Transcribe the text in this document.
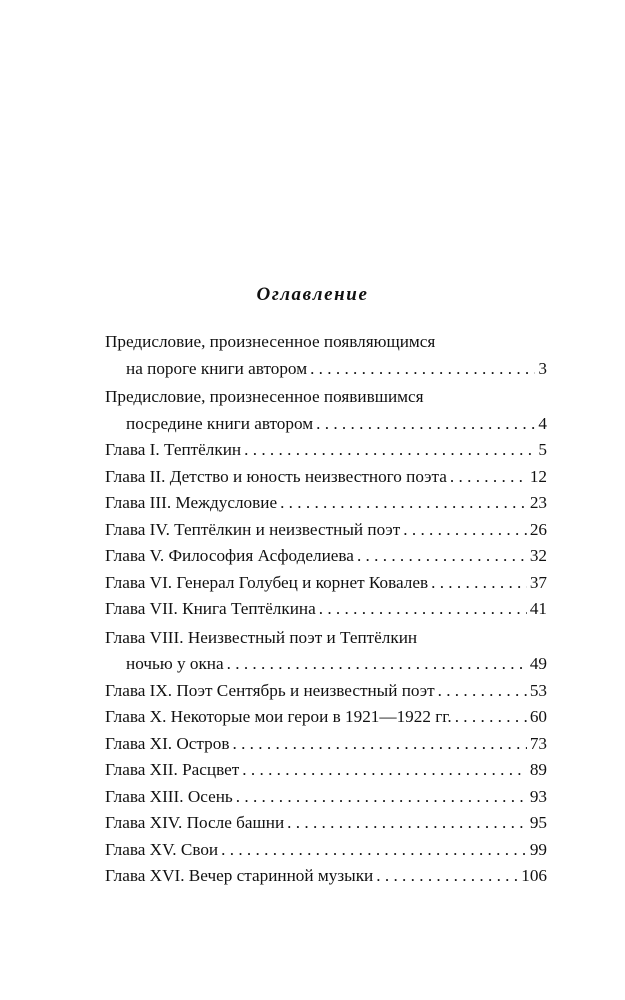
Оглавление
Предисловие, произнесенное появляющимся
на пороге книги автором . . .	3
Предисловие, произнесенное появившимся
посредине книги автором . . .	4
Глава I. Тептёлкин . . .	5
Глава II. Детство и юность неизвестного поэта . . .	12
Глава III. Междусловие . . .	23
Глава IV. Тептёлкин и неизвестный поэт . . .	26
Глава V. Философия Асфоделиева . . .	32
Глава VI. Генерал Голубец и корнет Ковалев . . .	37
Глава VII. Книга Тептёлкина . . .	41
Глава VIII. Неизвестный поэт и Тептёлкин
ночью у окна . . .	49
Глава IX. Поэт Сентябрь и неизвестный поэт . . .	53
Глава X. Некоторые мои герои в 1921—1922 гг. . . .	60
Глава XI. Остров . . .	73
Глава XII. Расцвет . . .	89
Глава XIII. Осень . . .	93
Глава XIV. После башни . . .	95
Глава XV. Свои . . .	99
Глава XVI. Вечер старинной музыки . . .	106
